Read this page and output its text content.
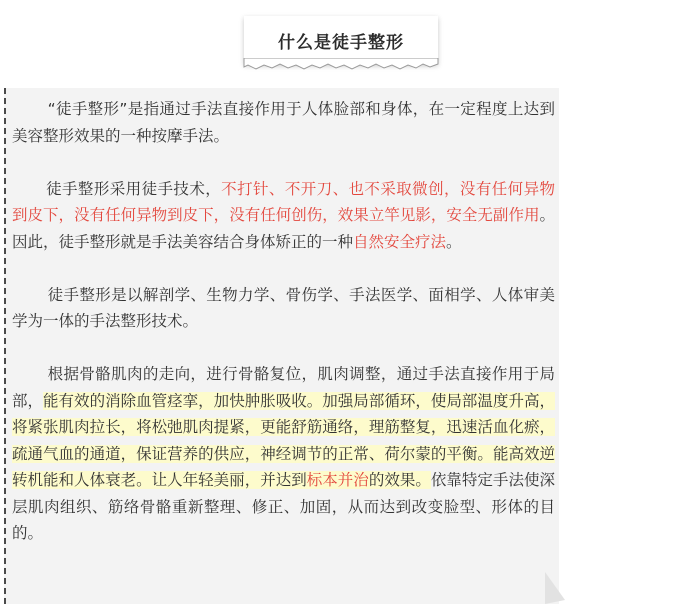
什么是徒手整形

“徒手整形”是指通过手法直接作用于人体脸部和身体，在一定程度上达到美容整形效果的一种按摩手法。

徒手整形采用徒手技术，不打针、不开刀、也不采取微创，没有任何异物到皮下，没有任何异物到皮下，没有任何创伤，效果立竿见影，安全无副作用。因此，徒手整形就是手法美容结合身体矫正的一种自然安全疗法。

徒手整形是以解剖学、生物力学、骨伤学、手法医学、面相学、人体审美学为一体的手法整形技术。

根据骨骼肌肉的走向，进行骨骼复位，肌肉调整，通过手法直接作用于局部，能有效的消除血管痉挛，加快肿胀吸收。加强局部循环，使局部温度升高，将紧张肌肉拉长，将松弛肌肉提紧，更能舒筋通络，理筋整复，迅速活血化瘀，疏通气血的通道，保证营养的供应，神经调节的正常、荷尔蒙的平衡。能高效逆转机能和人体衰老。让人年轻美丽，并达到标本并治的效果。依靠特定手法使深层肌肉组织、筋络骨骼重新整理、修正、加固，从而达到改变脸型、形体的目的。
